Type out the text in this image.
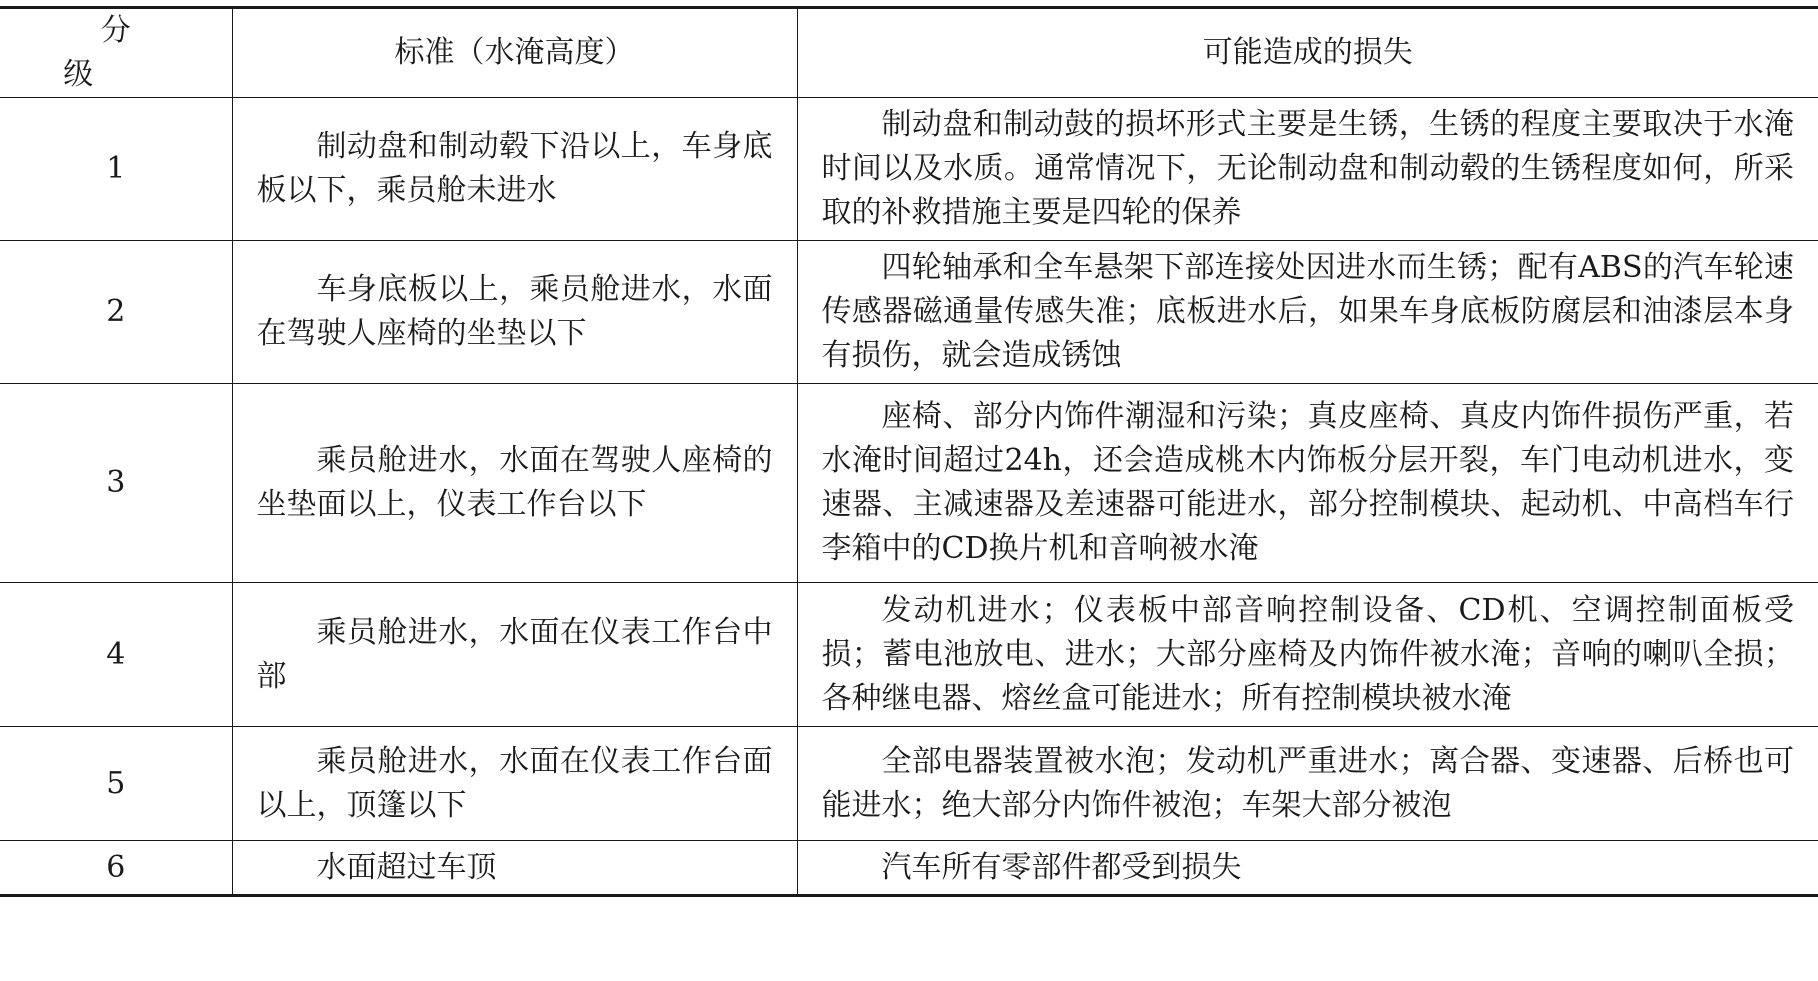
分级	标准（水淹高度）	可能造成的损失
1	制动盘和制动毂下沿以上，车身底板以下，乘员舱未进水	制动盘和制动鼓的损坏形式主要是生锈，生锈的程度主要取决于水淹时间以及水质。通常情况下，无论制动盘和制动毂的生锈程度如何，所采取的补救措施主要是四轮的保养
2	车身底板以上，乘员舱进水，水面在驾驶人座椅的坐垫以下	四轮轴承和全车悬架下部连接处因进水而生锈；配有ABS的汽车轮速传感器磁通量传感失准；底板进水后，如果车身底板防腐层和油漆层本身有损伤，就会造成锈蚀
3	乘员舱进水，水面在驾驶人座椅的坐垫面以上，仪表工作台以下	座椅、部分内饰件潮湿和污染；真皮座椅、真皮内饰件损伤严重，若水淹时间超过24h，还会造成桃木内饰板分层开裂，车门电动机进水，变速器、主减速器及差速器可能进水，部分控制模块、起动机、中高档车行李箱中的CD换片机和音响被水淹
4	乘员舱进水，水面在仪表工作台中部	发动机进水；仪表板中部音响控制设备、CD机、空调控制面板受损；蓄电池放电、进水；大部分座椅及内饰件被水淹；音响的喇叭全损；各种继电器、熔丝盒可能进水；所有控制模块被水淹
5	乘员舱进水，水面在仪表工作台面以上，顶篷以下	全部电器装置被水泡；发动机严重进水；离合器、变速器、后桥也可能进水；绝大部分内饰件被泡；车架大部分被泡
6	水面超过车顶	汽车所有零部件都受到损失
